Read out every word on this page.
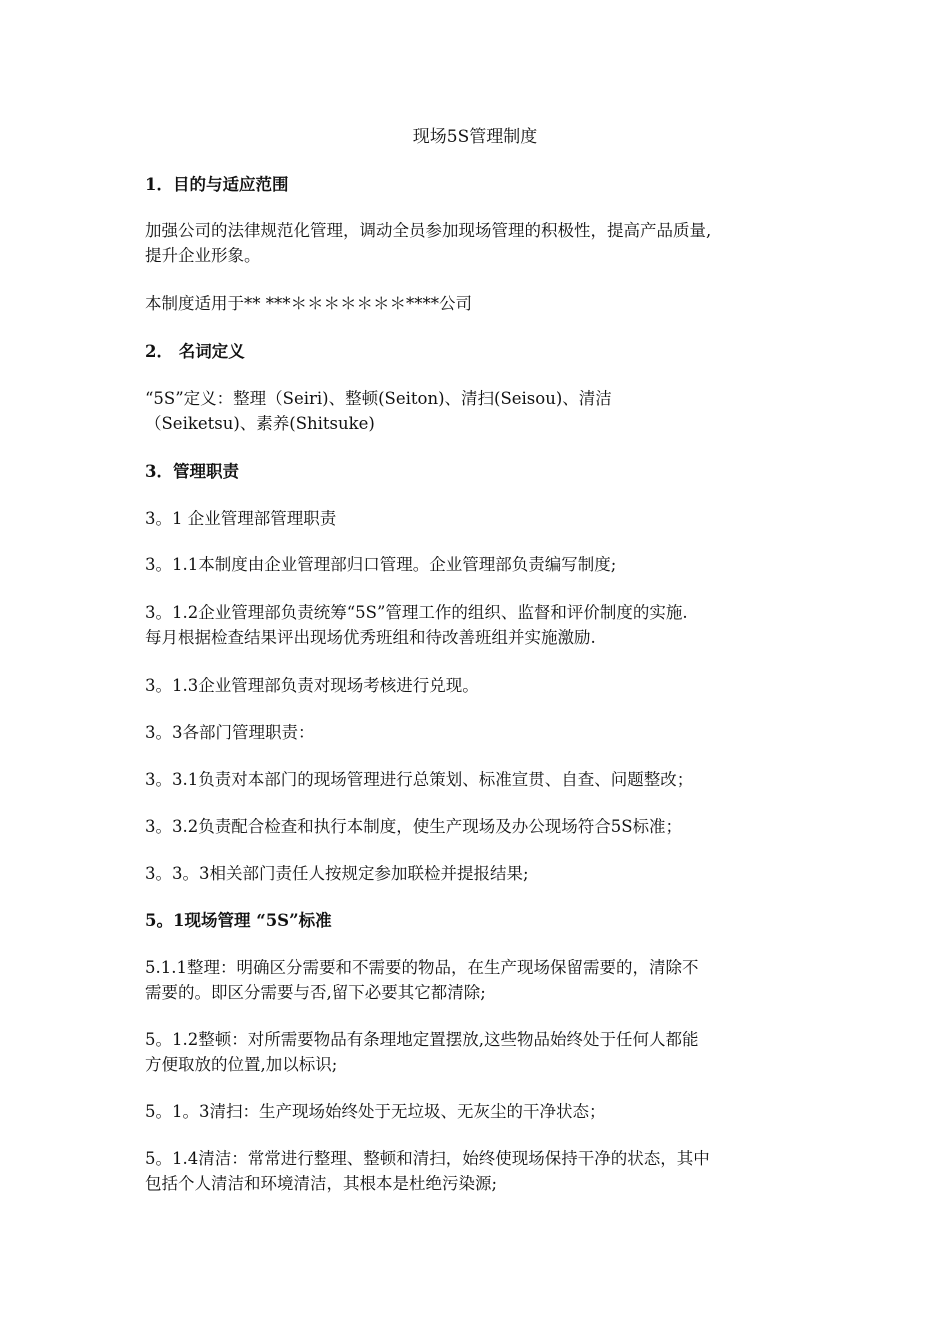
现场5S管理制度
1．目的与适应范围
加强公司的法律规范化管理，调动全员参加现场管理的积极性，提高产品质量,
提升企业形象。
本制度适用于** ***＊＊＊＊＊＊＊****公司
2． 名词定义
“5S”定义：整理（Seiri)、整顿(Seiton)、清扫(Seisou)、清洁
（Seiketsu)、素养(Shitsuke)
3．管理职责
3。1 企业管理部管理职责
3。1.1本制度由企业管理部归口管理。企业管理部负责编写制度;
3。1.2企业管理部负责统筹“5S”管理工作的组织、监督和评价制度的实施.
每月根据检查结果评出现场优秀班组和待改善班组并实施激励.
3。1.3企业管理部负责对现场考核进行兑现。
3。3各部门管理职责：
3。3.1负责对本部门的现场管理进行总策划、标准宣贯、自查、问题整改；
3。3.2负责配合检查和执行本制度，使生产现场及办公现场符合5S标准；
3。3。3相关部门责任人按规定参加联检并提报结果;
5。1现场管理 “5S”标准
5.1.1整理：明确区分需要和不需要的物品，在生产现场保留需要的，清除不
需要的。即区分需要与否,留下必要其它都清除;
5。1.2整顿：对所需要物品有条理地定置摆放,这些物品始终处于任何人都能
方便取放的位置,加以标识;
5。1。3清扫：生产现场始终处于无垃圾、无灰尘的干净状态；
5。1.4清洁：常常进行整理、整顿和清扫，始终使现场保持干净的状态，其中
包括个人清洁和环境清洁，其根本是杜绝污染源;
